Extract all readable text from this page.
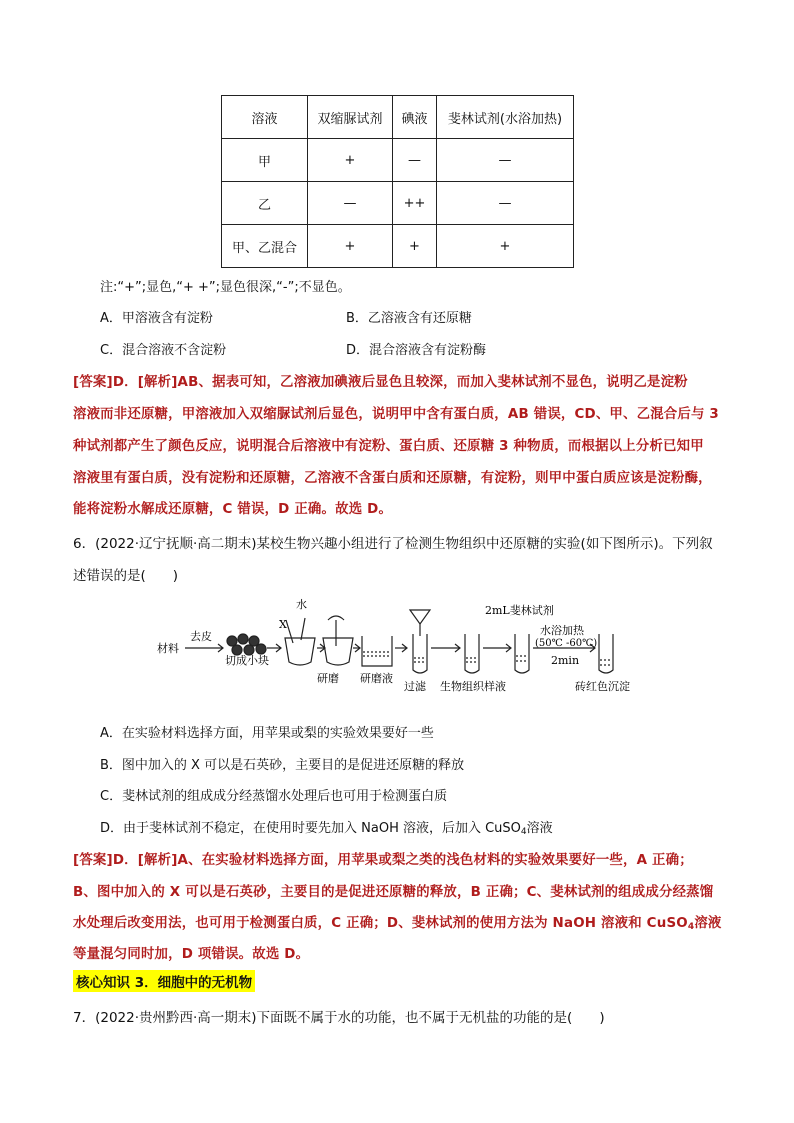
溶液	双缩脲试剂	碘液	斐林试剂(水浴加热)
甲	+	—	—
乙	—	++	—
甲、乙混合	+	+	+
注:“+”;显色,“+ +”;显色很深,“-”;不显色。
A．甲溶液含有淀粉	B．乙溶液含有还原糖
C．混合溶液不含淀粉	D．混合溶液含有淀粉酶
[答案]D．[解析]AB、据表可知，乙溶液加碘液后显色且较深，而加入斐林试剂不显色，说明乙是淀粉
溶液而非还原糖，甲溶液加入双缩脲试剂后显色，说明甲中含有蛋白质，AB 错误，CD、甲、乙混合后与 3
种试剂都产生了颜色反应，说明混合后溶液中有淀粉、蛋白质、还原糖 3 种物质，而根据以上分析已知甲
溶液里有蛋白质，没有淀粉和还原糖，乙溶液不含蛋白质和还原糖，有淀粉，则甲中蛋白质应该是淀粉酶，
能将淀粉水解成还原糖，C 错误，D 正确。故选 D。
6．(2022·辽宁抚顺·高二期末)某校生物兴趣小组进行了检测生物组织中还原糖的实验(如下图所示)。下列叙
述错误的是(　　)
材料
去皮
切成小块
水
X
研磨 研磨液
过滤 生物组织样液
2mL斐林试剂
水浴加热
(50℃ -60℃)
2min
砖红色沉淀
A．在实验材料选择方面，用苹果或梨的实验效果要好一些
B．图中加入的 X 可以是石英砂，主要目的是促进还原糖的释放
C．斐林试剂的组成成分经蒸馏水处理后也可用于检测蛋白质
D．由于斐林试剂不稳定，在使用时要先加入 NaOH 溶液，后加入 CuSO$_4$溶液
[答案]D．[解析]A、在实验材料选择方面，用苹果或梨之类的浅色材料的实验效果要好一些，A 正确；
B、图中加入的 X 可以是石英砂，主要目的是促进还原糖的释放，B 正确；C、斐林试剂的组成成分经蒸馏
水处理后改变用法，也可用于检测蛋白质，C 正确；D、斐林试剂的使用方法为 NaOH 溶液和 CuSO$_4$溶液
等量混匀同时加，D 项错误。故选 D。
核心知识 3．细胞中的无机物
7．(2022·贵州黔西·高一期末)下面既不属于水的功能，也不属于无机盐的功能的是(　　)
